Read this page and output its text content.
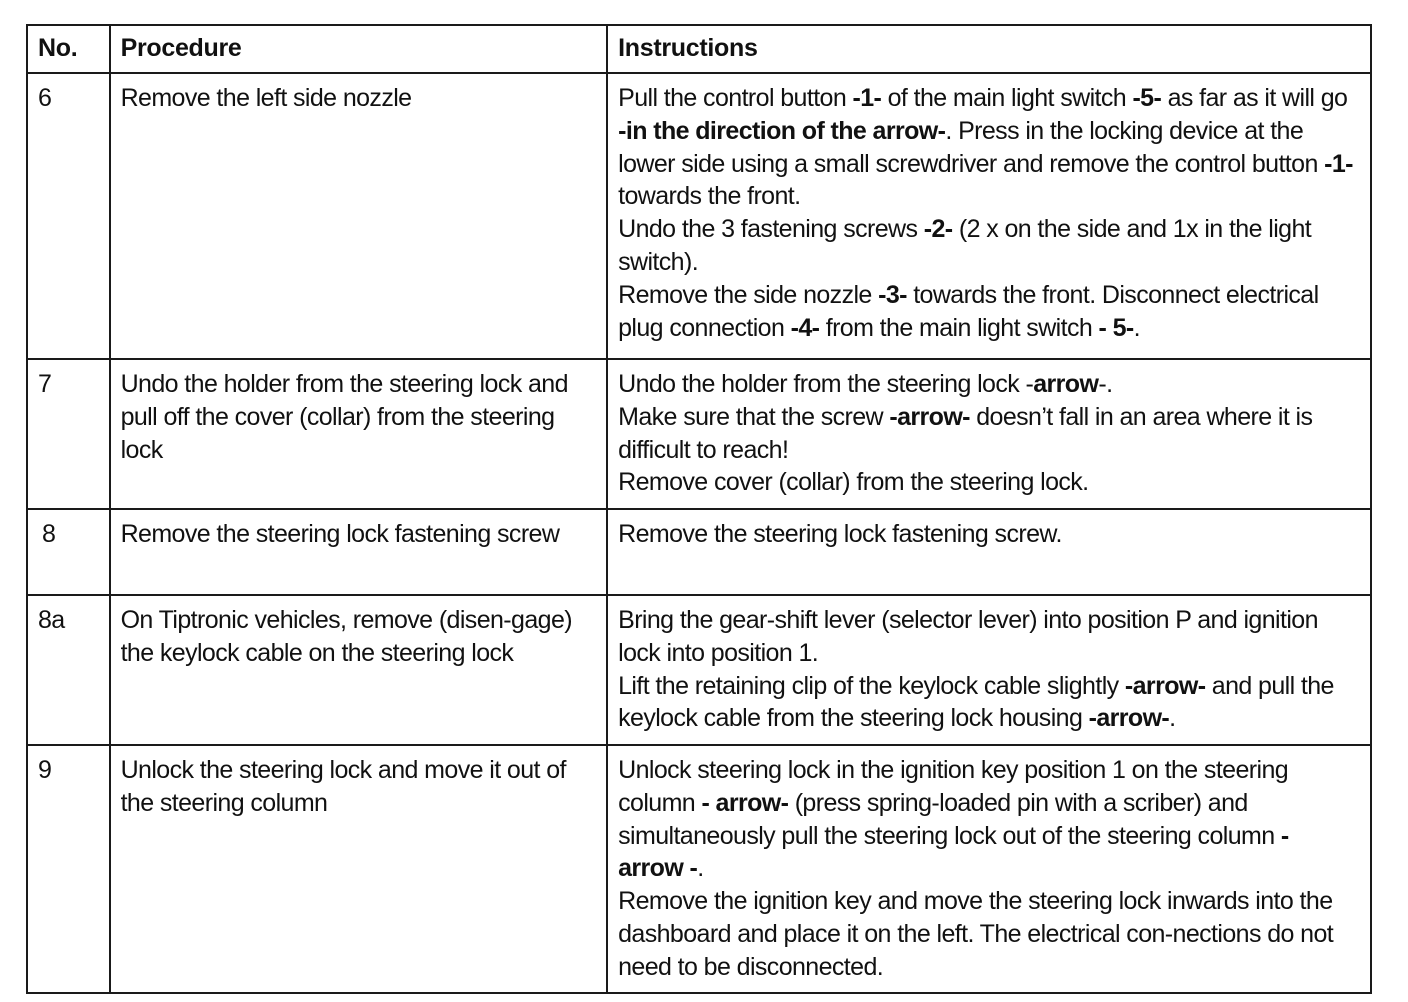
No.	Procedure	Instructions
6	Remove the left side nozzle	Pull the control button -1- of the main light switch -5- as far as it will go -in the direction of the arrow-. Press in the locking device at the lower side using a small screwdriver and remove the control button -1- towards the front.
Undo the 3 fastening screws -2- (2 x on the side and 1x in the light switch).
Remove the side nozzle -3- towards the front. Disconnect electrical plug connection -4- from the main light switch - 5-.

7	Undo the holder from the steering lock and pull off the cover (collar) from the steering lock	Undo the holder from the steering lock -arrow-.
Make sure that the screw -arrow- doesn’t fall in an area where it is difficult to reach!
Remove cover (collar) from the steering lock.

8	Remove the steering lock fastening screw	Remove the steering lock fastening screw.

8a	On Tiptronic vehicles, remove (disen-gage) the keylock cable on the steering lock	Bring the gear-shift lever (selector lever) into position P and ignition lock into position 1.
Lift the retaining clip of the keylock cable slightly -arrow- and pull the keylock cable from the steering lock housing -arrow-.

9	Unlock the steering lock and move it out of the steering column	Unlock steering lock in the ignition key position 1 on the steering column - arrow- (press spring-loaded pin with a scriber) and simultaneously pull the steering lock out of the steering column - arrow -.
Remove the ignition key and move the steering lock inwards into the dashboard and place it on the left. The electrical con-nections do not need to be disconnected.
